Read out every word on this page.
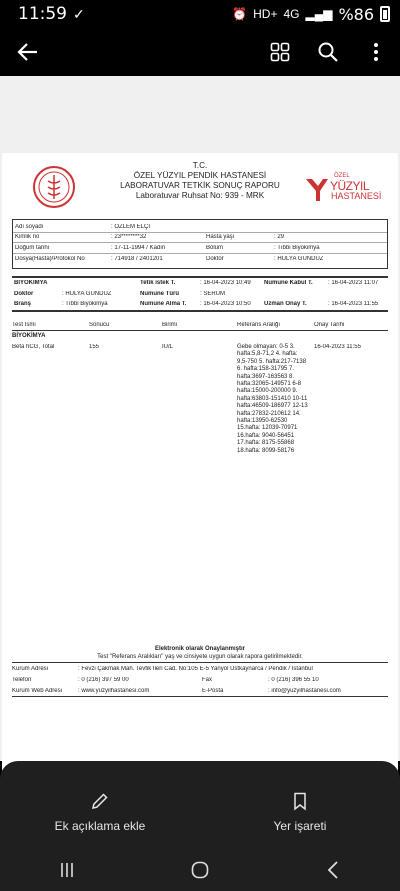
11:59 ✓	⏰ HD+ 4G ▂▄▆ %86
T.C.
ÖZEL YÜZYIL PENDİK HASTANESİ
LABORATUVAR TETKİK SONUÇ RAPORU
Laboratuvar Ruhsat No: 939 - MRK
ÖZEL
YÜZYIL
HASTANESİ
Adı soyadı	: ÖZLEM ELÇİ
Kimlik no	: 23********32	Hasta yaşı	: 29
Doğum tarihi	: 17-11-1994 / Kadın	Bölüm	: Tıbbi Biyokimya
Dosya(Hasta)/Protokol No	: 714918 / 2401201	Doktor	: HÜLYA GÜNDÜZ
BİYOKİMYA	Tetik istek T.	: 16-04-2023 10:49	Numune Kabul T.	: 16-04-2023 11:07
Doktor	: HÜLYA GÜNDÜZ	Numune Türü	: SERUM
Branş	: Tıbbi Biyokimya	Numune Alma T.	: 16-04-2023 10:50	Uzman Onay T.	: 16-04-2023 11:55
Test İsmi	Sonucu	Birimi	Referans Aralığı	Onay Tarihi
BİYOKİMYA
Beta hCG, Total	155	IU/L	Gebe olmayan: 0-5 3.
hafta:5,8-71,2 4. hafta:
9,5-750 5. hafta:217-7138
6. hafta:158-31795 7.
hafta:3697-163563 8.
hafta:32065-149571 6-8
hafta:15000-200000 9.
hafta:63803-151410 10-11
hafta:46509-186977 12-13
hafta:27832-210612 14.
hafta:13950-62530
15.hafta: 12039-70971
16.hafta: 9040-56451
17.hafta: 8175-55868
18.hafta: 8099-58176
16-04-2023 11:55
Elektronik olarak Onaylanmıştır
Test "Referans Aralıkları" yaş ve cinsiyete uygun olarak rapora getirilmektedir.
Kurum Adresi	: Fevzi Çakmak Mah. Tevfik İleri Cad. No:105 E-5 Yanyol Üstkaynarca / Pendik / İstanbul
Telefon	: 0 (216) 397 59 00	Fax	: 0 (216) 396 55 10
Kurum Web Adresi	: www.yuzyilhastanesi.com	E-Posta	: info@yuzyilhastanesi.com
Ek açıklama ekle	Yer işareti
